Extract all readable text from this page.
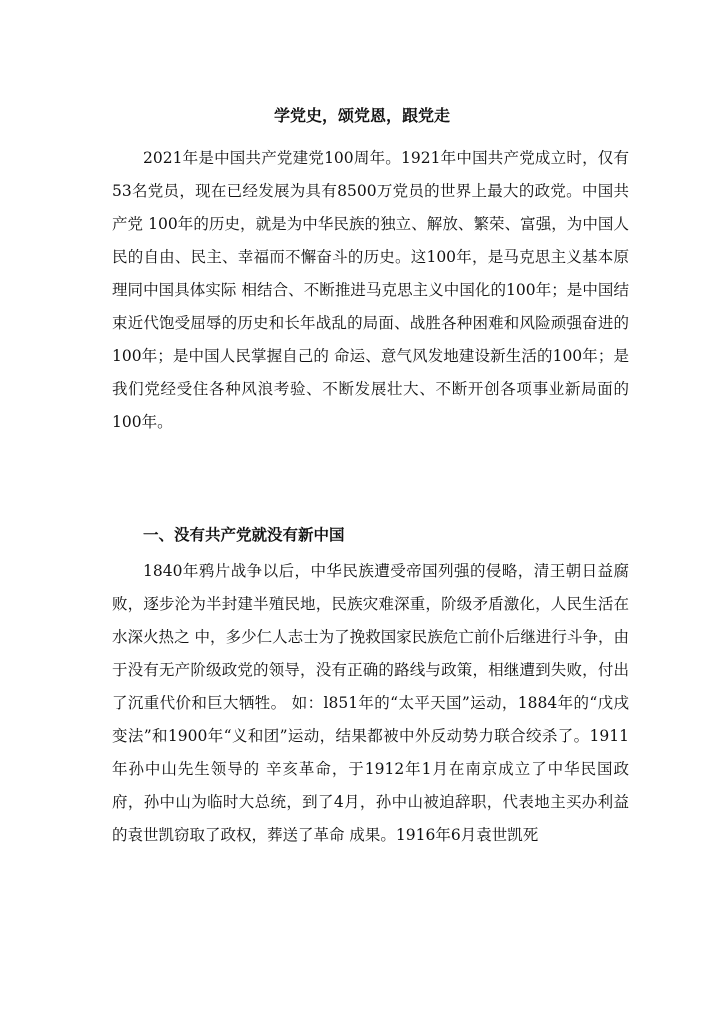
学党史，颂党恩，跟党走

2021年是中国共产党建党100周年。1921年中国共产党成立时，仅有53名党员，现在已经发展为具有8500万党员的世界上最大的政党。中国共产党 100年的历史，就是为中华民族的独立、解放、繁荣、富强，为中国人民的自由、民主、幸福而不懈奋斗的历史。这100年，是马克思主义基本原理同中国具体实际 相结合、不断推进马克思主义中国化的100年；是中国结束近代饱受屈辱的历史和长年战乱的局面、战胜各种困难和风险顽强奋进的100年；是中国人民掌握自己的 命运、意气风发地建设新生活的100年；是我们党经受住各种风浪考验、不断发展壮大、不断开创各项事业新局面的100年。

一、没有共产党就没有新中国

1840年鸦片战争以后，中华民族遭受帝国列强的侵略，清王朝日益腐败，逐步沦为半封建半殖民地，民族灾难深重，阶级矛盾激化，人民生活在水深火热之 中，多少仁人志士为了挽救国家民族危亡前仆后继进行斗争，由于没有无产阶级政党的领导，没有正确的路线与政策，相继遭到失败，付出了沉重代价和巨大牺牲。 如：l851年的“太平天国”运动，1884年的“戊戌变法”和1900年“义和团”运动，结果都被中外反动势力联合绞杀了。1911年孙中山先生领导的 辛亥革命，于1912年1月在南京成立了中华民国政府，孙中山为临时大总统，到了4月，孙中山被迫辞职，代表地主买办利益的袁世凯窃取了政权，葬送了革命 成果。1916年6月袁世凯死
